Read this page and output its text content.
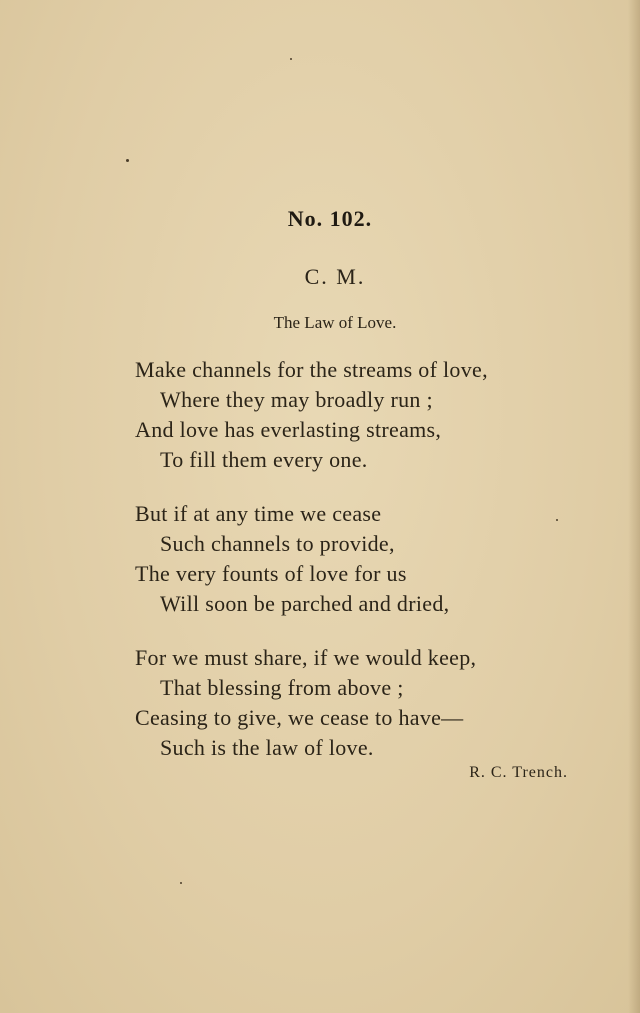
No. 102.
C. M.
The Law of Love.
Make channels for the streams of love,
Where they may broadly run ;
And love has everlasting streams,
To fill them every one.
But if at any time we cease
Such channels to provide,
The very founts of love for us
Will soon be parched and dried,
For we must share, if we would keep,
That blessing from above ;
Ceasing to give, we cease to have—
Such is the law of love.
R. C. Trench.
